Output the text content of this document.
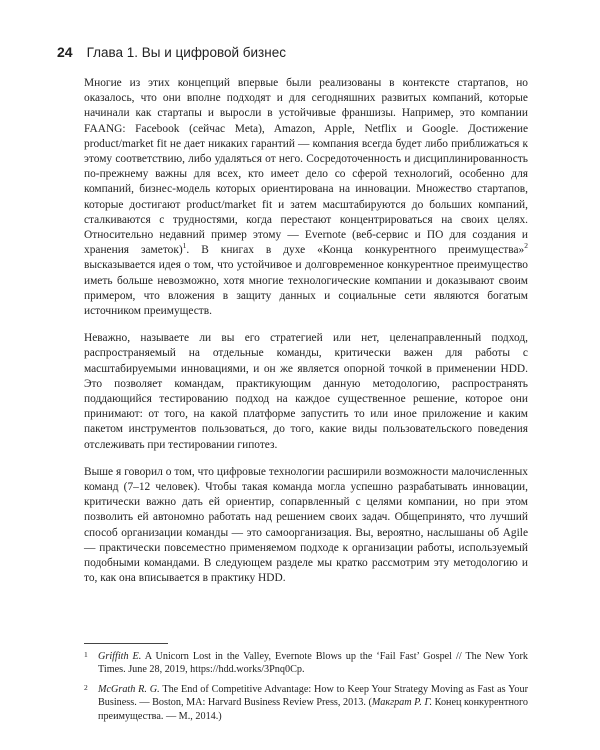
24 Глава 1. Вы и цифровой бизнес

Многие из этих концепций впервые были реализованы в контексте стартапов, но оказалось, что они вполне подходят и для сегодняшних развитых компаний, которые начинали как стартапы и выросли в устойчивые франшизы. Например, это компании FAANG: Facebook (сейчас Meta), Amazon, Apple, Netflix и Google. Достижение product/market fit не дает никаких гарантий — компания всегда будет либо приближаться к этому соответствию, либо удаляться от него. Сосредоточенность и дисциплинированность по-прежнему важны для всех, кто имеет дело со сферой технологий, особенно для компаний, бизнес-модель которых ориентирована на инновации. Множество стартапов, которые достигают product/market fit и затем масштабируются до больших компаний, сталкиваются с трудностями, когда перестают концентрироваться на своих целях. Относительно недавний пример этому — Evernote (веб-сервис и ПО для создания и хранения заметок)$^1$. В книгах в духе «Конца конкурентного преимущества»$^2$ высказывается идея о том, что устойчивое и долговременное конкурентное преимущество иметь больше невозможно, хотя многие технологические компании и доказывают своим примером, что вложения в защиту данных и социальные сети являются богатым источником преимуществ.

Неважно, называете ли вы его стратегией или нет, целенаправленный подход, распространяемый на отдельные команды, критически важен для работы с масштабируемыми инновациями, и он же является опорной точкой в применении HDD. Это позволяет командам, практикующим данную методологию, распространять поддающийся тестированию подход на каждое существенное решение, которое они принимают: от того, на какой платформе запустить то или иное приложение и каким пакетом инструментов пользоваться, до того, какие виды пользовательского поведения отслеживать при тестировании гипотез.

Выше я говорил о том, что цифровые технологии расширили возможности малочисленных команд (7–12 человек). Чтобы такая команда могла успешно разрабатывать инновации, критически важно дать ей ориентир, сопарвленный с целями компании, но при этом позволить ей автономно работать над решением своих задач. Общепринято, что лучший способ организации команды — это самоорганизация. Вы, вероятно, наслышаны об Agile — практически повсеместно применяемом подходе к организации работы, используемый подобными командами. В следующем разделе мы кратко рассмотрим эту методологию и то, как она вписывается в практику HDD.

1 Griffith E. A Unicorn Lost in the Valley, Evernote Blows up the ‘Fail Fast’ Gospel // The New York Times. June 28, 2019, https://hdd.works/3Pnq0Cp.
2 McGrath R. G. The End of Competitive Advantage: How to Keep Your Strategy Moving as Fast as Your Business. — Boston, MA: Harvard Business Review Press, 2013. (Макграт Р. Г. Конец конкурентного преимущества. — М., 2014.)
